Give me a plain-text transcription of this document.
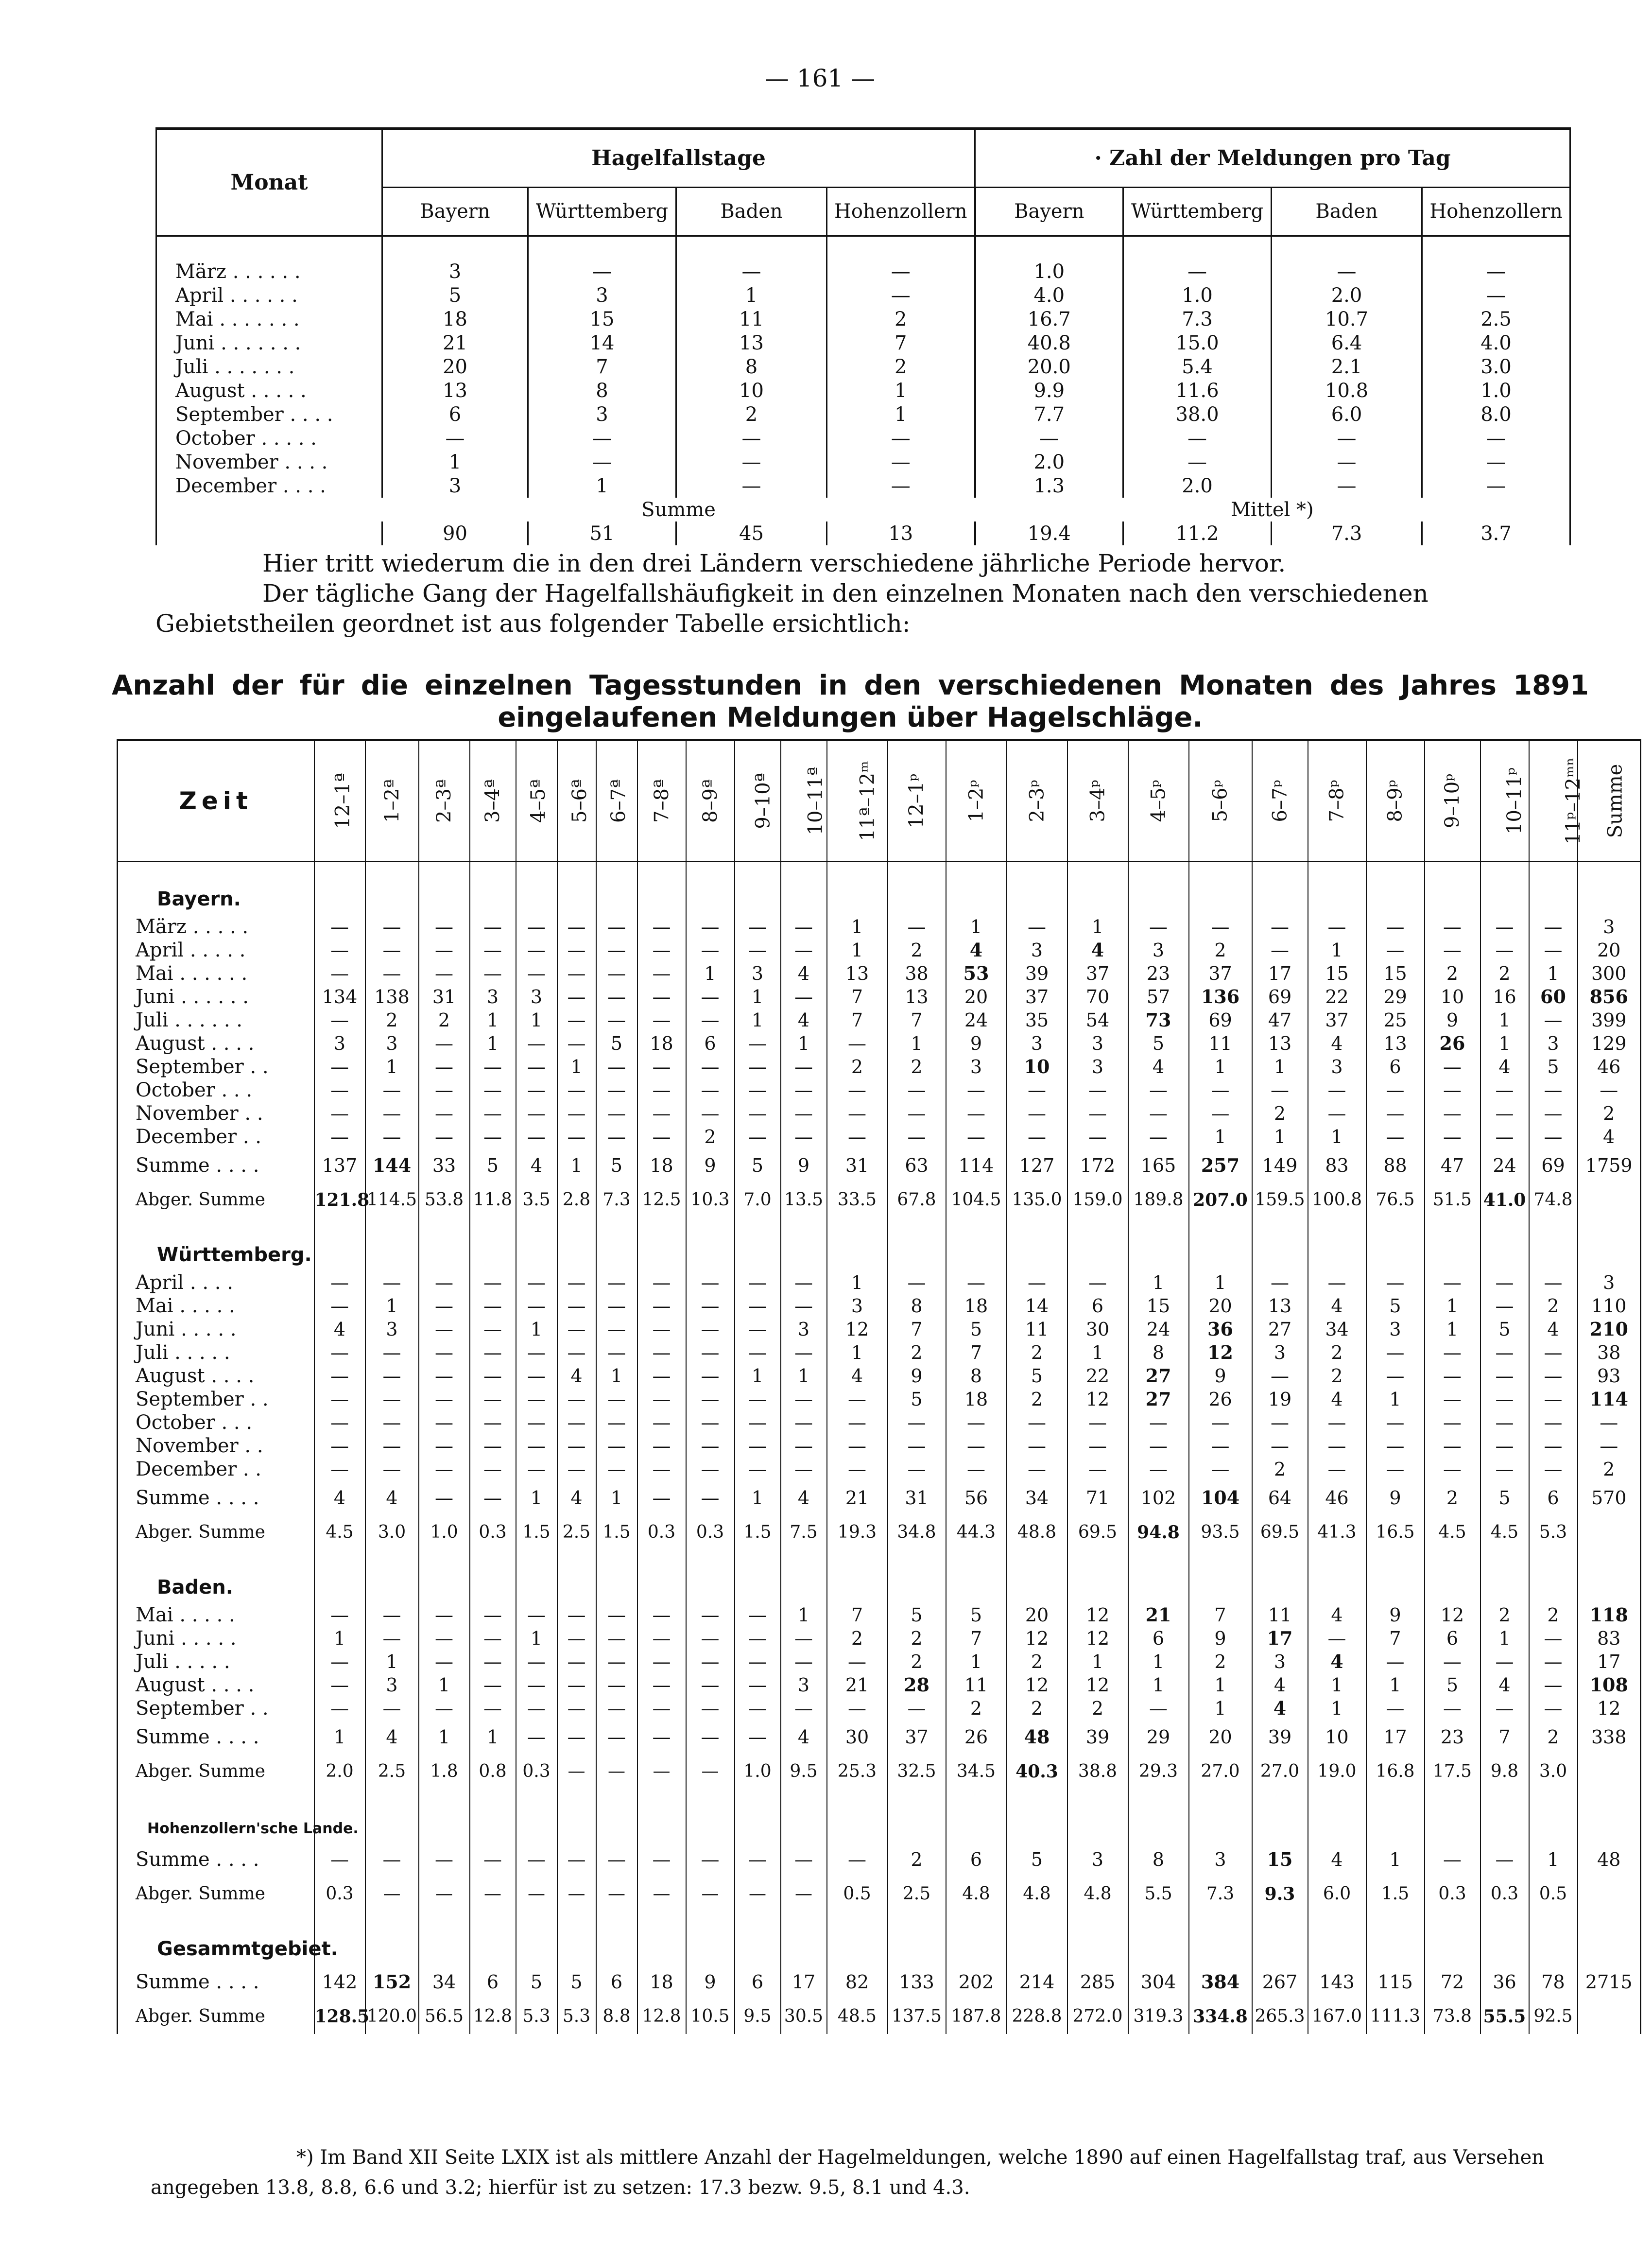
— 161 —
Monat	Hagelfallstage				· Zahl der Meldungen pro Tag			
	Bayern	Württemberg	Baden	Hohenzollern	Bayern	Württemberg	Baden	Hohenzollern

März . . . . . .	3	—	—	—	1.0	—	—	—
April . . . . . .	5	3	1	—	4.0	1.0	2.0	—
Mai . . . . . . .	18	15	11	2	16.7	7.3	10.7	2.5
Juni . . . . . . .	21	14	13	7	40.8	15.0	6.4	4.0
Juli . . . . . . .	20	7	8	2	20.0	5.4	2.1	3.0
August . . . . .	13	8	10	1	9.9	11.6	10.8	1.0
September . . . .	6	3	2	1	7.7	38.0	6.0	8.0
October . . . . .	—	—	—	—	—	—	—	—
November . . . .	1	—	—	—	2.0	—	—	—
December . . . .	3	1	—	—	1.3	2.0	—	—
	Summe				Mittel *)			
	90	51	45	13	19.4	11.2	7.3	3.7
Hier tritt wiederum die in den drei Ländern verschiedene jährliche Periode hervor.
Der tägliche Gang der Hagelfallshäufigkeit in den einzelnen Monaten nach den verschiedenen Gebietstheilen geordnet ist aus folgender Tabelle ersichtlich:
Anzahl der für die einzelnen Tagesstunden in den verschiedenen Monaten des Jahres 1891 eingelaufenen Meldungen über Hagelschläge.
Zeit	12–1ª	1–2ª	2–3ª	3–4ª	4–5ª	5–6ª	6–7ª	7–8ª	8–9ª	9–10ª	10–11ª	11ª–12ᵐ	12–1ᵖ	1–2ᵖ	2–3ᵖ	3–4ᵖ	4–5ᵖ	5–6ᵖ	6–7ᵖ	7–8ᵖ	8–9ᵖ	9–10ᵖ	10–11ᵖ	11ᵖ–12ᵐⁿ	Summe
Bayern.																									
März . . . . .	—	—	—	—	—	—	—	—	—	—	—	1	—	1	—	1	—	—	—	—	—	—	—	—	3
April . . . . .	—	—	—	—	—	—	—	—	—	—	—	1	2	4	3	4	3	2	—	1	—	—	—	—	20
Mai . . . . . .	—	—	—	—	—	—	—	—	1	3	4	13	38	53	39	37	23	37	17	15	15	2	2	1	300
Juni . . . . . .	134	138	31	3	3	—	—	—	—	1	—	7	13	20	37	70	57	136	69	22	29	10	16	60	856
Juli . . . . . .	—	2	2	1	1	—	—	—	—	1	4	7	7	24	35	54	73	69	47	37	25	9	1	—	399
August . . . .	3	3	—	1	—	—	5	18	6	—	1	—	1	9	3	3	5	11	13	4	13	26	1	3	129
September . .	—	1	—	—	—	1	—	—	—	—	—	2	2	3	10	3	4	1	1	3	6	—	4	5	46
October . . .	—	—	—	—	—	—	—	—	—	—	—	—	—	—	—	—	—	—	—	—	—	—	—	—	—
November . .	—	—	—	—	—	—	—	—	—	—	—	—	—	—	—	—	—	—	2	—	—	—	—	—	2
December . .	—	—	—	—	—	—	—	—	2	—	—	—	—	—	—	—	—	1	1	1	—	—	—	—	4
Summe . . . .	137	144	33	5	4	1	5	18	9	5	9	31	63	114	127	172	165	257	149	83	88	47	24	69	1759
Abger. Summe	121.8	114.5	53.8	11.8	3.5	2.8	7.3	12.5	10.3	7.0	13.5	33.5	67.8	104.5	135.0	159.0	189.8	207.0	159.5	100.8	76.5	51.5	41.0	74.8	
Württemberg.																									
April . . . .	—	—	—	—	—	—	—	—	—	—	—	1	—	—	—	—	1	1	—	—	—	—	—	—	3
Mai . . . . .	—	1	—	—	—	—	—	—	—	—	—	3	8	18	14	6	15	20	13	4	5	1	—	2	110
Juni . . . . .	4	3	—	—	1	—	—	—	—	—	3	12	7	5	11	30	24	36	27	34	3	1	5	4	210
Juli . . . . .	—	—	—	—	—	—	—	—	—	—	—	1	2	7	2	1	8	12	3	2	—	—	—	—	38
August . . . .	—	—	—	—	—	4	1	—	—	1	1	4	9	8	5	22	27	9	—	2	—	—	—	—	93
September . .	—	—	—	—	—	—	—	—	—	—	—	—	5	18	2	12	27	26	19	4	1	—	—	—	114
October . . .	—	—	—	—	—	—	—	—	—	—	—	—	—	—	—	—	—	—	—	—	—	—	—	—	—
November . .	—	—	—	—	—	—	—	—	—	—	—	—	—	—	—	—	—	—	—	—	—	—	—	—	—
December . .	—	—	—	—	—	—	—	—	—	—	—	—	—	—	—	—	—	—	2	—	—	—	—	—	2
Summe . . . .	4	4	—	—	1	4	1	—	—	1	4	21	31	56	34	71	102	104	64	46	9	2	5	6	570
Abger. Summe	4.5	3.0	1.0	0.3	1.5	2.5	1.5	0.3	0.3	1.5	7.5	19.3	34.8	44.3	48.8	69.5	94.8	93.5	69.5	41.3	16.5	4.5	4.5	5.3	
Baden.																									
Mai . . . . .	—	—	—	—	—	—	—	—	—	—	1	7	5	5	20	12	21	7	11	4	9	12	2	2	118
Juni . . . . .	1	—	—	—	1	—	—	—	—	—	—	2	2	7	12	12	6	9	17	—	7	6	1	—	83
Juli . . . . .	—	1	—	—	—	—	—	—	—	—	—	—	2	1	2	1	1	2	3	4	—	—	—	—	17
August . . . .	—	3	1	—	—	—	—	—	—	—	3	21	28	11	12	12	1	1	4	1	1	5	4	—	108
September . .	—	—	—	—	—	—	—	—	—	—	—	—	—	2	2	2	—	1	4	1	—	—	—	—	12
Summe . . . .	1	4	1	1	—	—	—	—	—	—	4	30	37	26	48	39	29	20	39	10	17	23	7	2	338
Abger. Summe	2.0	2.5	1.8	0.8	0.3	—	—	—	—	1.0	9.5	25.3	32.5	34.5	40.3	38.8	29.3	27.0	27.0	19.0	16.8	17.5	9.8	3.0	
Hohenzollern'sche Lande.																									
Summe . . . .	—	—	—	—	—	—	—	—	—	—	—	—	2	6	5	3	8	3	15	4	1	—	—	1	48
Abger. Summe	0.3	—	—	—	—	—	—	—	—	—	—	0.5	2.5	4.8	4.8	4.8	5.5	7.3	9.3	6.0	1.5	0.3	0.3	0.5	
Gesammtgebiet.																									
Summe . . . .	142	152	34	6	5	5	6	18	9	6	17	82	133	202	214	285	304	384	267	143	115	72	36	78	2715
Abger. Summe	128.5	120.0	56.5	12.8	5.3	5.3	8.8	12.8	10.5	9.5	30.5	48.5	137.5	187.8	228.8	272.0	319.3	334.8	265.3	167.0	111.3	73.8	55.5	92.5	
*) Im Band XII Seite LXIX ist als mittlere Anzahl der Hagelmeldungen, welche 1890 auf einen Hagelfallstag traf, aus Versehen angegeben 13.8, 8.8, 6.6 und 3.2; hierfür ist zu setzen: 17.3 bezw. 9.5, 8.1 und 4.3.
